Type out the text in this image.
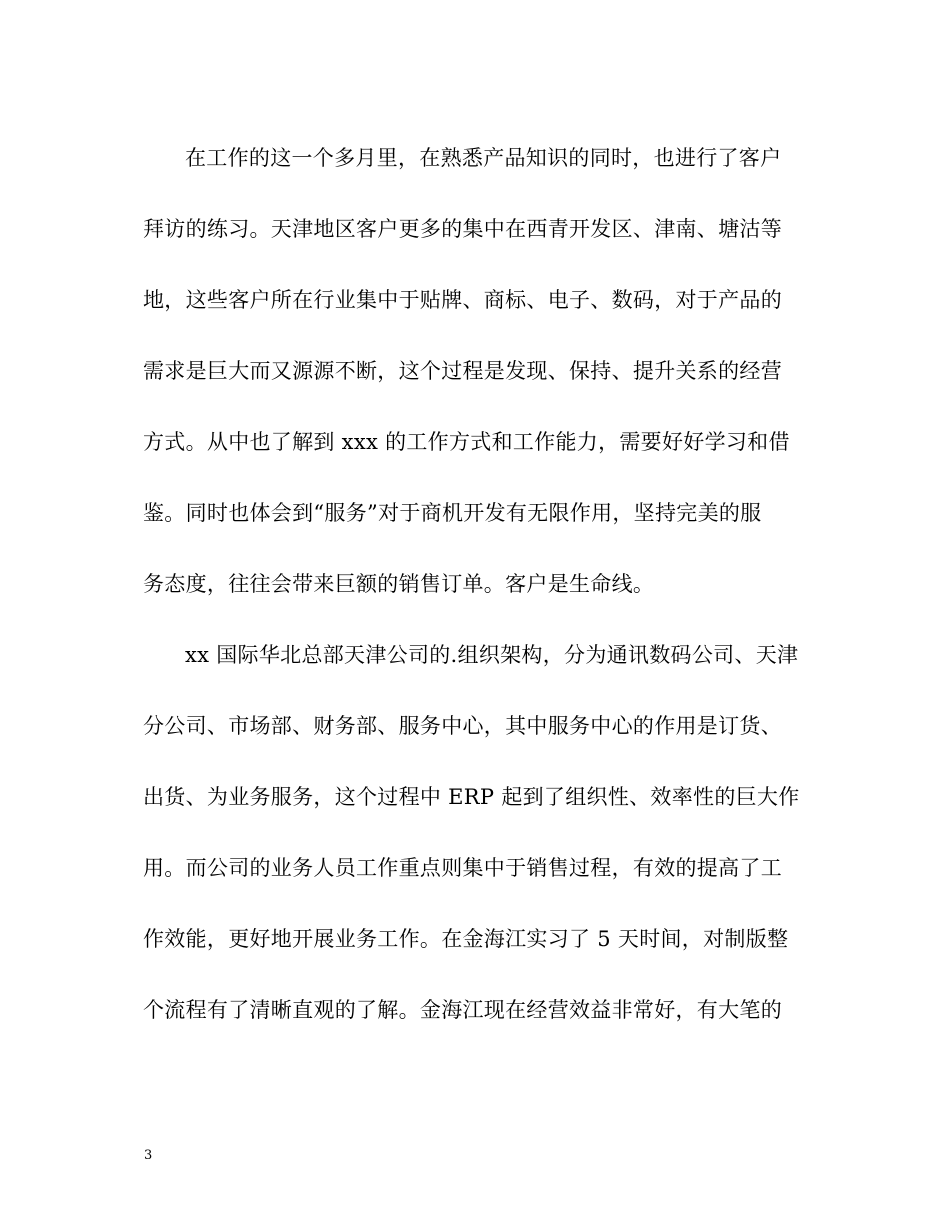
在工作的这一个多月里，在熟悉产品知识的同时，也进行了客户
拜访的练习。天津地区客户更多的集中在西青开发区、津南、塘沽等
地，这些客户所在行业集中于贴牌、商标、电子、数码，对于产品的
需求是巨大而又源源不断，这个过程是发现、保持、提升关系的经营
方式。从中也了解到 xxx 的工作方式和工作能力，需要好好学习和借
鉴。同时也体会到“服务”对于商机开发有无限作用，坚持完美的服
务态度，往往会带来巨额的销售订单。客户是生命线。
xx 国际华北总部天津公司的.组织架构，分为通讯数码公司、天津
分公司、市场部、财务部、服务中心，其中服务中心的作用是订货、
出货、为业务服务，这个过程中 ERP 起到了组织性、效率性的巨大作
用。而公司的业务人员工作重点则集中于销售过程，有效的提高了工
作效能，更好地开展业务工作。在金海江实习了 5 天时间，对制版整
个流程有了清晰直观的了解。金海江现在经营效益非常好，有大笔的
3
